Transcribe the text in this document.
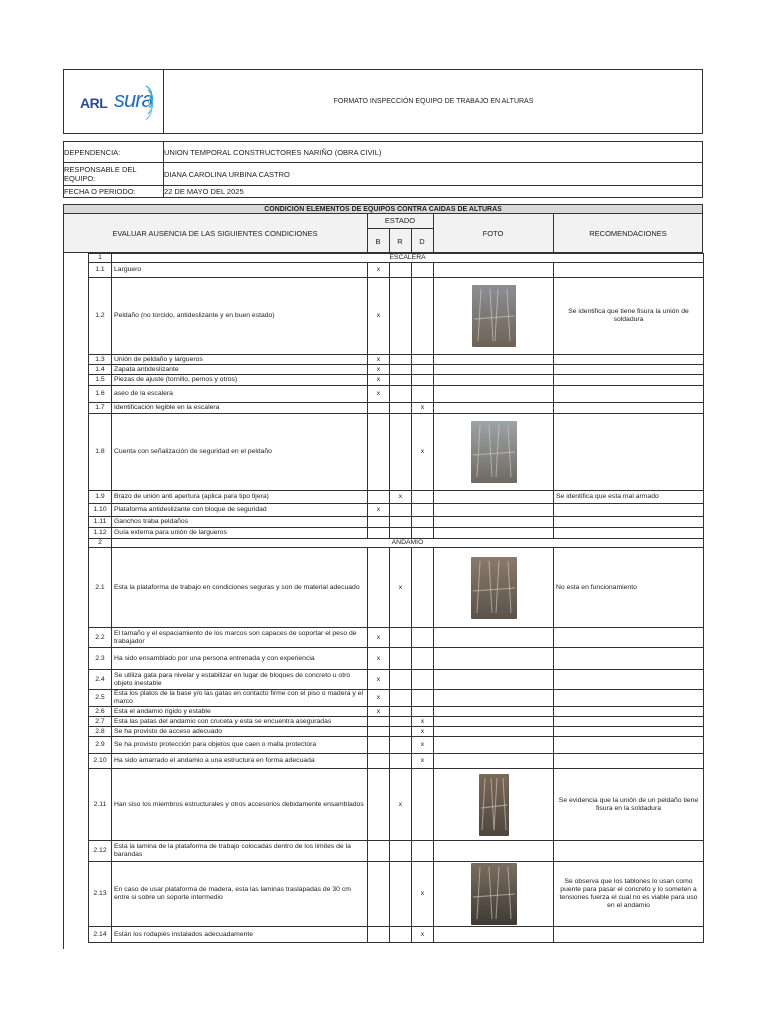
ARL sura	FORMATO INSPECCIÓN EQUIPO DE TRABAJO EN ALTURAS
DEPENDENCIA:	UNION TEMPORAL CONSTRUCTORES NARIÑO (OBRA CIVIL)
RESPONSABLE DEL EQUIPO:	DIANA CAROLINA URBINA CASTRO
FECHA O PERIODO:	22 DE MAYO DEL 2025
CONDICIÓN ELEMENTOS DE EQUIPOS CONTRA CAIDAS DE ALTURAS
EVALUAR AUSENCIA DE LAS SIGUIENTES CONDICIONES
ESTADO
B	R	D
FOTO	RECOMENDACIONES
1	ESCALERA					
1.1	Larguero	x				
1.2	Peldaño (no torcido, antideslizante y en buen estado)	x				Se identifica que tiene fisura la unión de soldadura
1.3	Unión de peldaño y largueros	x				
1.4	Zapata antideslizante	x				
1.5	Piezas de ajuste (tornillo, pernos y otros)	x				
1.6	aseo de la escalera	x				
1.7	Identificación legible en la escalera			x		
1.8	Cuenta con señalización de seguridad en el peldaño			x	

1.9	Brazo de unión anti apertura (aplica para tipo tijera)		x			Se identifica que esta mal armado
1.10	Plataforma antideslizante con bloque de seguridad	x				
1.11	Ganchos traba peldaños					
1.12	Guía externa para unión de largueros					
2	ANDAMIO					
2.1	Esta la plataforma de trabajo en condiciones seguras y son de material adecuado		x			No esta en funcionamiento
2.2	El tamaño y el espaciamiento de los marcos son capaces de soportar el peso de trabajador	x				
2.3	Ha sido ensamblado por una persona entrenada y con experiencia	x				
2.4	Se utiliza gata para nivelar y estabilizar en lugar de bloques de concreto u otro objeto inestable	x				
2.5	Esta los platos de la base y/o las gatas en contacto firme con el piso o madera y el marco	x				
2.6	Esta el andamio rígido y estable	x				
2.7	Esta las patas del andamio con cruceta y esta se encuentra aseguradas			x		
2.8	Se ha provisto de acceso adecuado			x		
2.9	Se ha provisto protección para objetos que caen o malla protectora			x		
2.10	Ha sido amarrado el andamio a una estructura en forma adecuada			x		
2.11	Han siso los miembros estructurales y otros accesorios debidamente ensamblados		x			Se evidencia que la unión de un peldaño tiene fisura en la soldadura
2.12	Esta la lamina de la plataforma de trabajo colocadas dentro de los limites de la barandas					
2.13	En caso de usar plataforma de madera, esta las laminas traslapadas de 30 cm entre si sobre un soporte intermedio			x		Se observa que los tablones lo usan como puente para pasar el concreto y lo someten a tensiones fuerza el cual no es viable para uso en el andamio
2.14	Están los rodapiés instalados adecuadamente			x		
